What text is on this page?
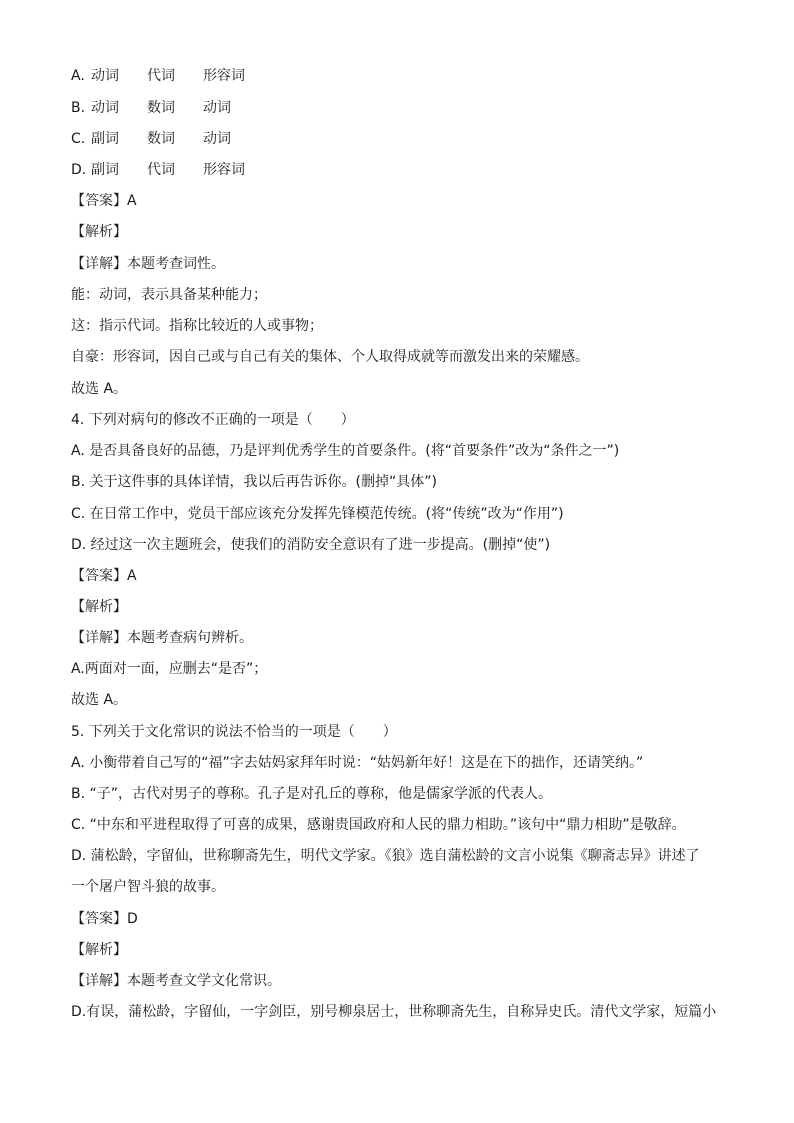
A. 动词 代词 形容词
B. 动词 数词 动词
C. 副词 数词 动词
D. 副词 代词 形容词
【答案】A
【解析】
【详解】本题考查词性。
能：动词，表示具备某种能力；
这：指示代词。指称比较近的人或事物；
自豪：形容词，因自己或与自己有关的集体、个人取得成就等而激发出来的荣耀感。
故选 A。
4. 下列对病句的修改不正确的一项是（　　）
A. 是否具备良好的品德，乃是评判优秀学生的首要条件。(将“首要条件”改为“条件之一”)
B. 关于这件事的具体详情，我以后再告诉你。(删掉“具体”)
C. 在日常工作中，党员干部应该充分发挥先锋模范传统。(将“传统”改为“作用”)
D. 经过这一次主题班会，使我们的消防安全意识有了进一步提高。(删掉“使”)
【答案】A
【解析】
【详解】本题考查病句辨析。
A.两面对一面，应删去“是否”；
故选 A。
5. 下列关于文化常识的说法不恰当的一项是（　　）
A. 小衡带着自己写的“福”字去姑妈家拜年时说：“姑妈新年好！这是在下的拙作，还请笑纳。”
B. “子”，古代对男子的尊称。孔子是对孔丘的尊称，他是儒家学派的代表人。
C. “中东和平进程取得了可喜的成果，感谢贵国政府和人民的鼎力相助。”该句中“鼎力相助”是敬辞。
D. 蒲松龄，字留仙，世称聊斋先生，明代文学家。《狼》选自蒲松龄的文言小说集《聊斋志异》讲述了
一个屠户智斗狼的故事。
【答案】D
【解析】
【详解】本题考查文学文化常识。
D.有误，蒲松龄，字留仙，一字剑臣，别号柳泉居士，世称聊斋先生，自称异史氏。清代文学家，短篇小
